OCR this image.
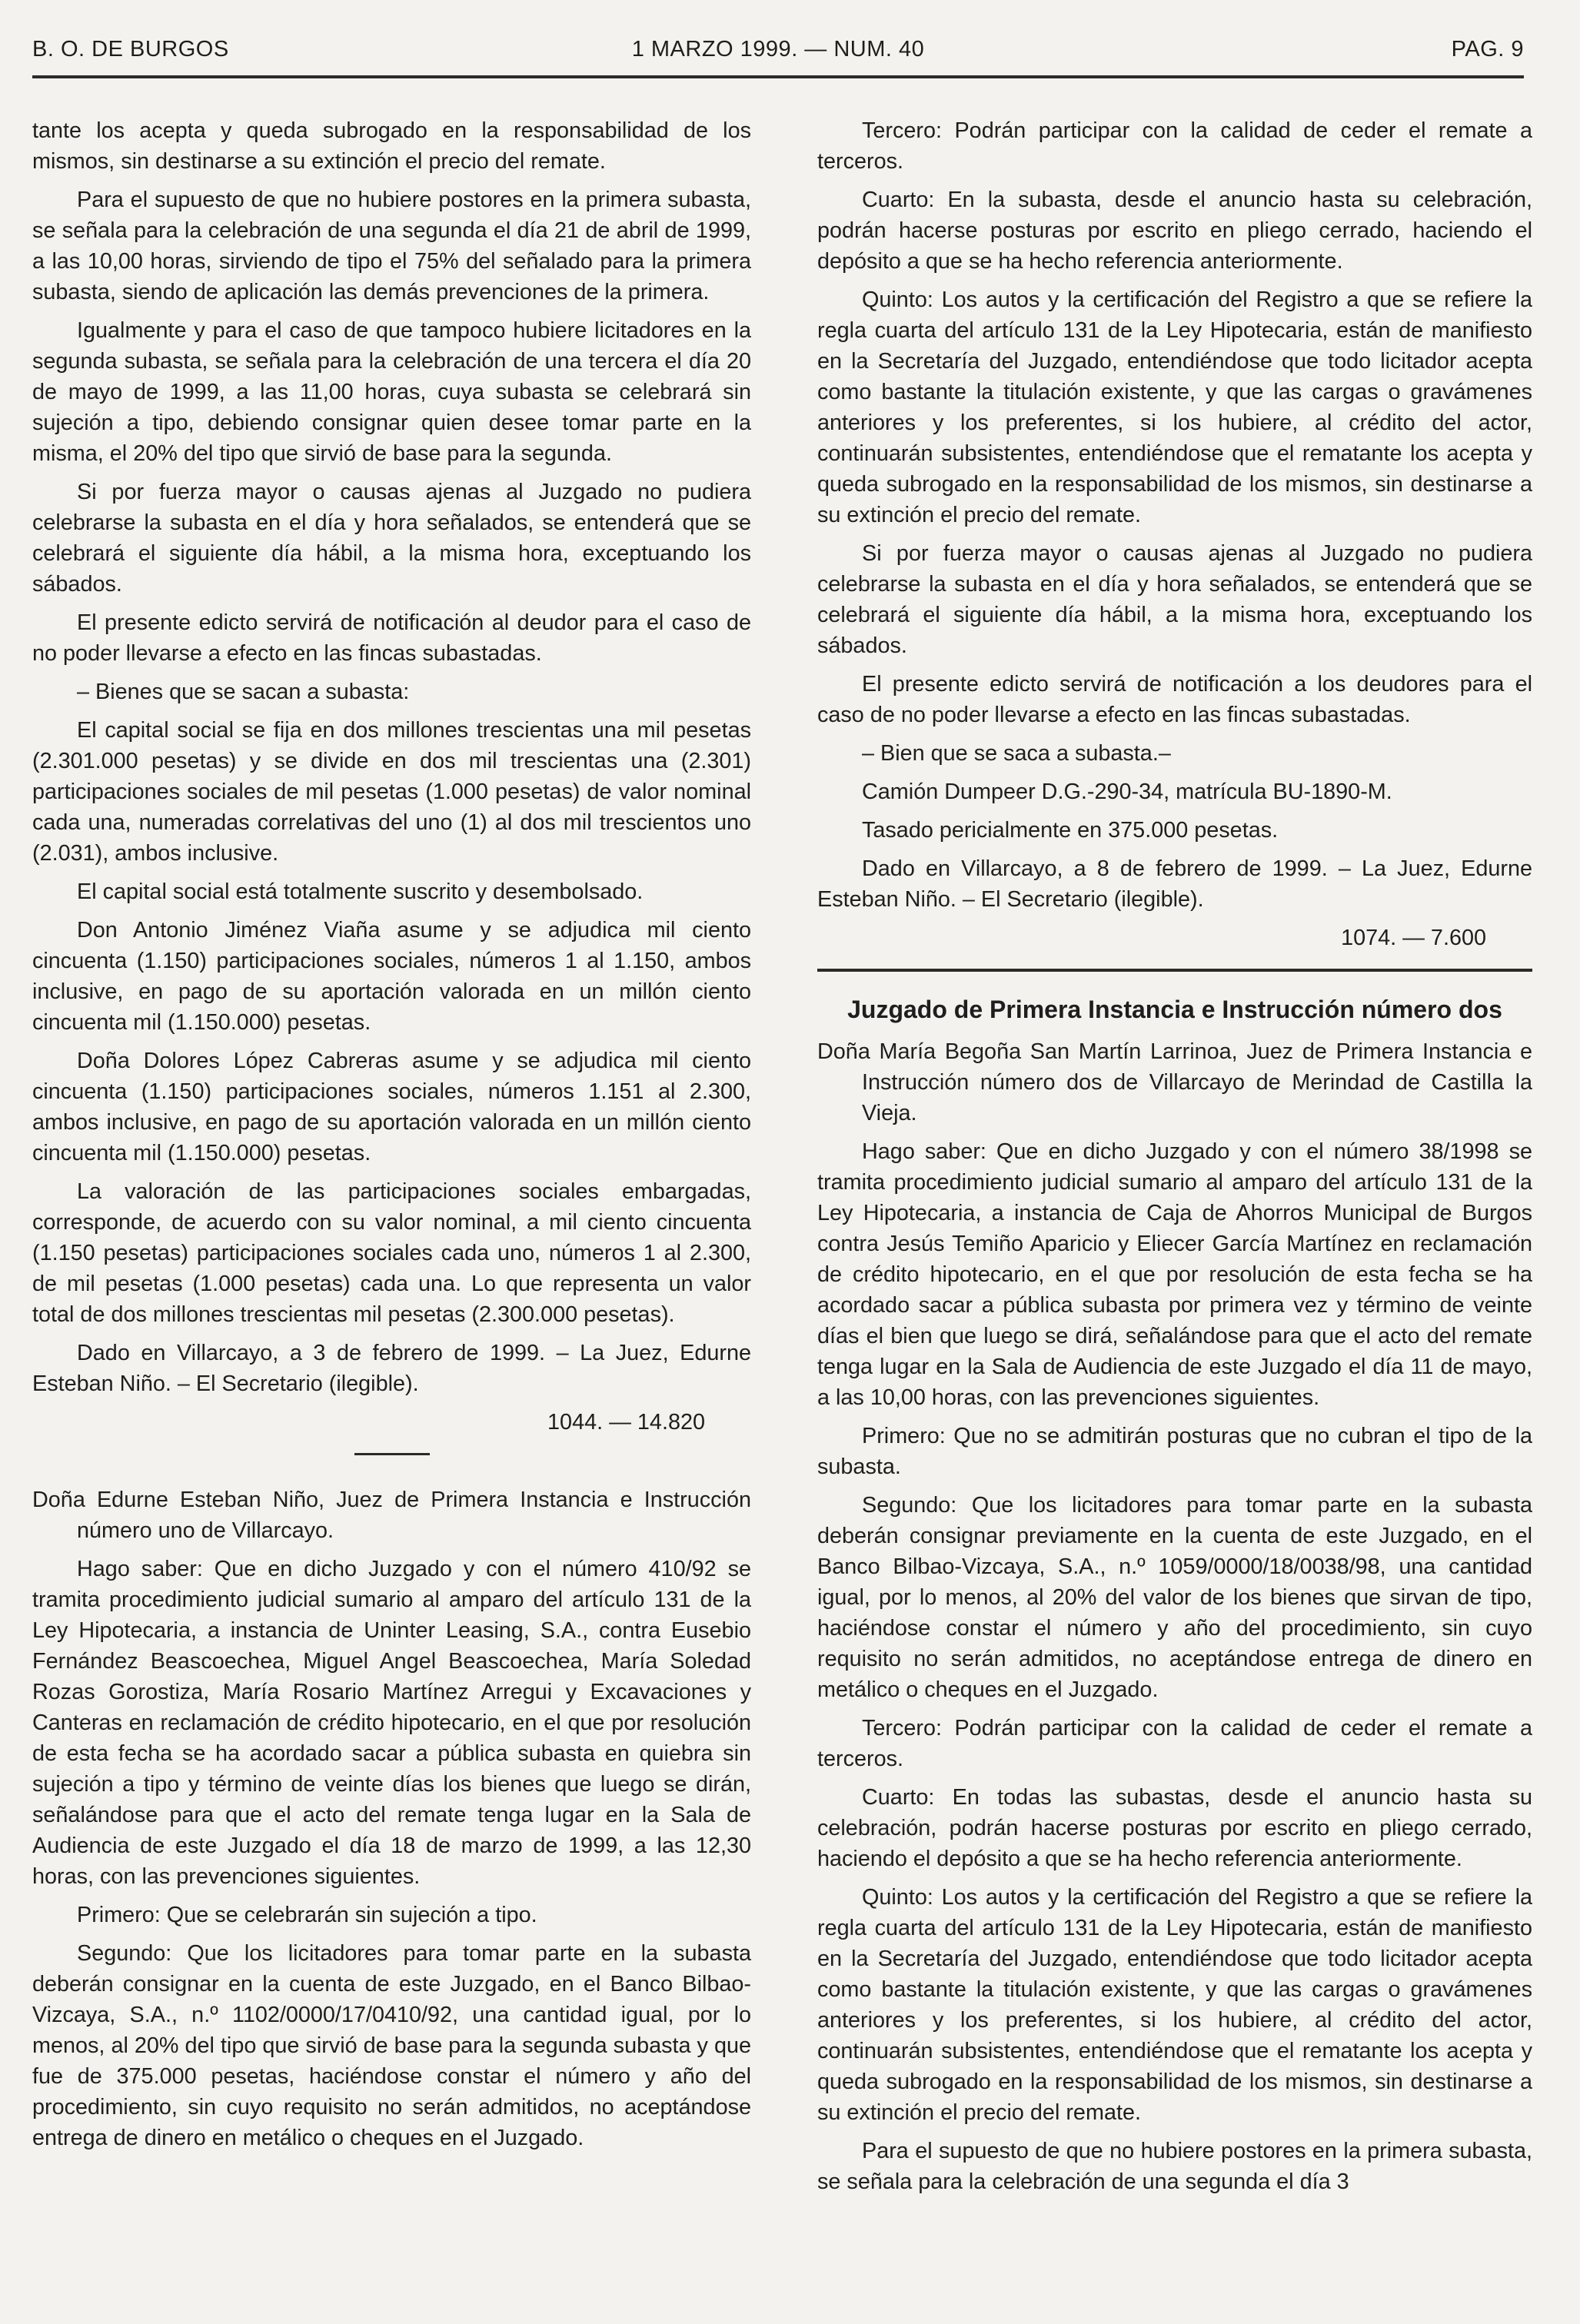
B. O. DE BURGOS	1 MARZO 1999. — NUM. 40	PAG. 9

tante los acepta y queda subrogado en la responsabilidad de los mismos, sin destinarse a su extinción el precio del remate.

Para el supuesto de que no hubiere postores en la primera subasta, se señala para la celebración de una segunda el día 21 de abril de 1999, a las 10,00 horas, sirviendo de tipo el 75% del señalado para la primera subasta, siendo de aplicación las demás prevenciones de la primera.

Igualmente y para el caso de que tampoco hubiere licitadores en la segunda subasta, se señala para la celebración de una tercera el día 20 de mayo de 1999, a las 11,00 horas, cuya subasta se celebrará sin sujeción a tipo, debiendo consignar quien desee tomar parte en la misma, el 20% del tipo que sirvió de base para la segunda.

Si por fuerza mayor o causas ajenas al Juzgado no pudiera celebrarse la subasta en el día y hora señalados, se entenderá que se celebrará el siguiente día hábil, a la misma hora, exceptuando los sábados.

El presente edicto servirá de notificación al deudor para el caso de no poder llevarse a efecto en las fincas subastadas.

– Bienes que se sacan a subasta:

El capital social se fija en dos millones trescientas una mil pesetas (2.301.000 pesetas) y se divide en dos mil trescientas una (2.301) participaciones sociales de mil pesetas (1.000 pesetas) de valor nominal cada una, numeradas correlativas del uno (1) al dos mil trescientos uno (2.031), ambos inclusive.

El capital social está totalmente suscrito y desembolsado.

Don Antonio Jiménez Viaña asume y se adjudica mil ciento cincuenta (1.150) participaciones sociales, números 1 al 1.150, ambos inclusive, en pago de su aportación valorada en un millón ciento cincuenta mil (1.150.000) pesetas.

Doña Dolores López Cabreras asume y se adjudica mil ciento cincuenta (1.150) participaciones sociales, números 1.151 al 2.300, ambos inclusive, en pago de su aportación valorada en un millón ciento cincuenta mil (1.150.000) pesetas.

La valoración de las participaciones sociales embargadas, corresponde, de acuerdo con su valor nominal, a mil ciento cincuenta (1.150 pesetas) participaciones sociales cada uno, números 1 al 2.300, de mil pesetas (1.000 pesetas) cada una. Lo que representa un valor total de dos millones trescientas mil pesetas (2.300.000 pesetas).

Dado en Villarcayo, a 3 de febrero de 1999. – La Juez, Edurne Esteban Niño. – El Secretario (ilegible).

1044. — 14.820

Doña Edurne Esteban Niño, Juez de Primera Instancia e Instrucción número uno de Villarcayo.

Hago saber: Que en dicho Juzgado y con el número 410/92 se tramita procedimiento judicial sumario al amparo del artículo 131 de la Ley Hipotecaria, a instancia de Uninter Leasing, S.A., contra Eusebio Fernández Beascoechea, Miguel Angel Beascoechea, María Soledad Rozas Gorostiza, María Rosario Martínez Arregui y Excavaciones y Canteras en reclamación de crédito hipotecario, en el que por resolución de esta fecha se ha acordado sacar a pública subasta en quiebra sin sujeción a tipo y término de veinte días los bienes que luego se dirán, señalándose para que el acto del remate tenga lugar en la Sala de Audiencia de este Juzgado el día 18 de marzo de 1999, a las 12,30 horas, con las prevenciones siguientes.

Primero: Que se celebrarán sin sujeción a tipo.

Segundo: Que los licitadores para tomar parte en la subasta deberán consignar en la cuenta de este Juzgado, en el Banco Bilbao-Vizcaya, S.A., n.º 1102/0000/17/0410/92, una cantidad igual, por lo menos, al 20% del tipo que sirvió de base para la segunda subasta y que fue de 375.000 pesetas, haciéndose constar el número y año del procedimiento, sin cuyo requisito no serán admitidos, no aceptándose entrega de dinero en metálico o cheques en el Juzgado.

Tercero: Podrán participar con la calidad de ceder el remate a terceros.

Cuarto: En la subasta, desde el anuncio hasta su celebración, podrán hacerse posturas por escrito en pliego cerrado, haciendo el depósito a que se ha hecho referencia anteriormente.

Quinto: Los autos y la certificación del Registro a que se refiere la regla cuarta del artículo 131 de la Ley Hipotecaria, están de manifiesto en la Secretaría del Juzgado, entendiéndose que todo licitador acepta como bastante la titulación existente, y que las cargas o gravámenes anteriores y los preferentes, si los hubiere, al crédito del actor, continuarán subsistentes, entendiéndose que el rematante los acepta y queda subrogado en la responsabilidad de los mismos, sin destinarse a su extinción el precio del remate.

Si por fuerza mayor o causas ajenas al Juzgado no pudiera celebrarse la subasta en el día y hora señalados, se entenderá que se celebrará el siguiente día hábil, a la misma hora, exceptuando los sábados.

El presente edicto servirá de notificación a los deudores para el caso de no poder llevarse a efecto en las fincas subastadas.

– Bien que se saca a subasta.–

Camión Dumpeer D.G.-290-34, matrícula BU-1890-M.

Tasado pericialmente en 375.000 pesetas.

Dado en Villarcayo, a 8 de febrero de 1999. – La Juez, Edurne Esteban Niño. – El Secretario (ilegible).

1074. — 7.600

Juzgado de Primera Instancia e Instrucción número dos

Doña María Begoña San Martín Larrinoa, Juez de Primera Instancia e Instrucción número dos de Villarcayo de Merindad de Castilla la Vieja.

Hago saber: Que en dicho Juzgado y con el número 38/1998 se tramita procedimiento judicial sumario al amparo del artículo 131 de la Ley Hipotecaria, a instancia de Caja de Ahorros Municipal de Burgos contra Jesús Temiño Aparicio y Eliecer García Martínez en reclamación de crédito hipotecario, en el que por resolución de esta fecha se ha acordado sacar a pública subasta por primera vez y término de veinte días el bien que luego se dirá, señalándose para que el acto del remate tenga lugar en la Sala de Audiencia de este Juzgado el día 11 de mayo, a las 10,00 horas, con las prevenciones siguientes.

Primero: Que no se admitirán posturas que no cubran el tipo de la subasta.

Segundo: Que los licitadores para tomar parte en la subasta deberán consignar previamente en la cuenta de este Juzgado, en el Banco Bilbao-Vizcaya, S.A., n.º 1059/0000/18/0038/98, una cantidad igual, por lo menos, al 20% del valor de los bienes que sirvan de tipo, haciéndose constar el número y año del procedimiento, sin cuyo requisito no serán admitidos, no aceptándose entrega de dinero en metálico o cheques en el Juzgado.

Tercero: Podrán participar con la calidad de ceder el remate a terceros.

Cuarto: En todas las subastas, desde el anuncio hasta su celebración, podrán hacerse posturas por escrito en pliego cerrado, haciendo el depósito a que se ha hecho referencia anteriormente.

Quinto: Los autos y la certificación del Registro a que se refiere la regla cuarta del artículo 131 de la Ley Hipotecaria, están de manifiesto en la Secretaría del Juzgado, entendiéndose que todo licitador acepta como bastante la titulación existente, y que las cargas o gravámenes anteriores y los preferentes, si los hubiere, al crédito del actor, continuarán subsistentes, entendiéndose que el rematante los acepta y queda subrogado en la responsabilidad de los mismos, sin destinarse a su extinción el precio del remate.

Para el supuesto de que no hubiere postores en la primera subasta, se señala para la celebración de una segunda el día 3
